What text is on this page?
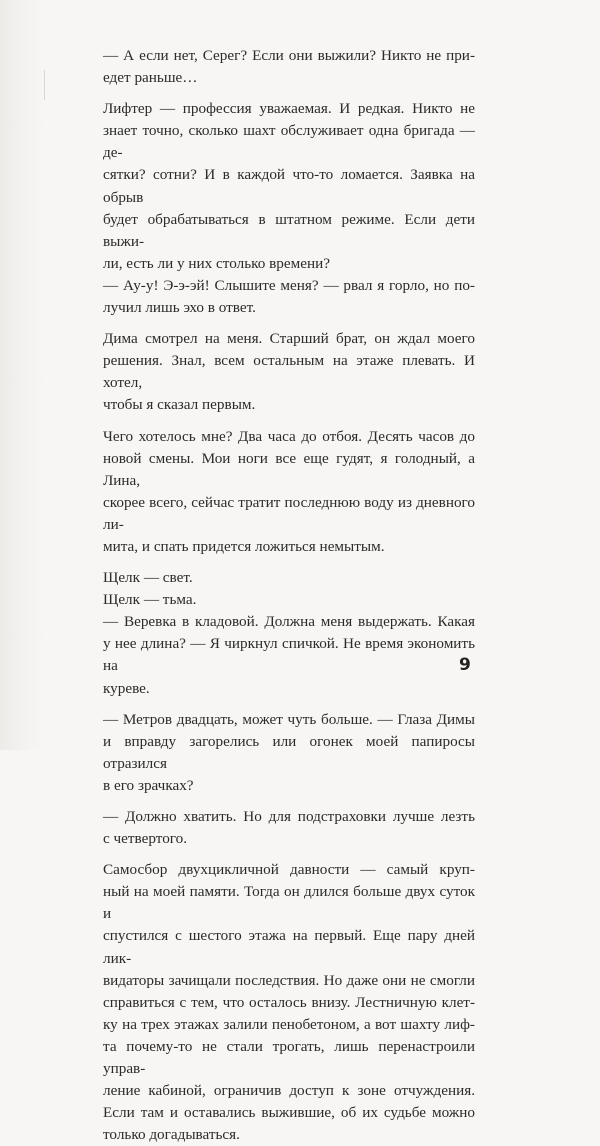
— А если нет, Серег? Если они выжили? Никто не при-
едет раньше…

Лифтер — профессия уважаемая. И редкая. Никто не
знает точно, сколько шахт обслуживает одна бригада — де-
сятки? сотни? И в каждой что-то ломается. Заявка на обрыв
будет обрабатываться в штатном режиме. Если дети выжи-
ли, есть ли у них столько времени?

— Ау-у! Э-э-эй! Слышите меня? — рвал я горло, но по-
лучил лишь эхо в ответ.

Дима смотрел на меня. Старший брат, он ждал моего
решения. Знал, всем остальным на этаже плевать. И хотел,
чтобы я сказал первым.

Чего хотелось мне? Два часа до отбоя. Десять часов до
новой смены. Мои ноги все еще гудят, я голодный, а Лина,
скорее всего, сейчас тратит последнюю воду из дневного ли-
мита, и спать придется ложиться немытым.

Щелк — свет.

Щелк — тьма.

— Веревка в кладовой. Должна меня выдержать. Какая
у нее длина? — Я чиркнул спичкой. Не время экономить на
куреве.

— Метров двадцать, может чуть больше. — Глаза Димы
и вправду загорелись или огонек моей папиросы отразился
в его зрачках?

— Должно хватить. Но для подстраховки лучше лезть
с четвертого.

Самосбор двухцикличной давности — самый круп-
ный на моей памяти. Тогда он длился больше двух суток и
спустился с шестого этажа на первый. Еще пару дней лик-
видаторы зачищали последствия. Но даже они не смогли
справиться с тем, что осталось внизу. Лестничную клет-
ку на трех этажах залили пенобетоном, а вот шахту лиф-
та почему-то не стали трогать, лишь перенастроили управ-
ление кабиной, ограничив доступ к зоне отчуждения.
Если там и оставались выжившие, об их судьбе можно
только догадываться.

9
